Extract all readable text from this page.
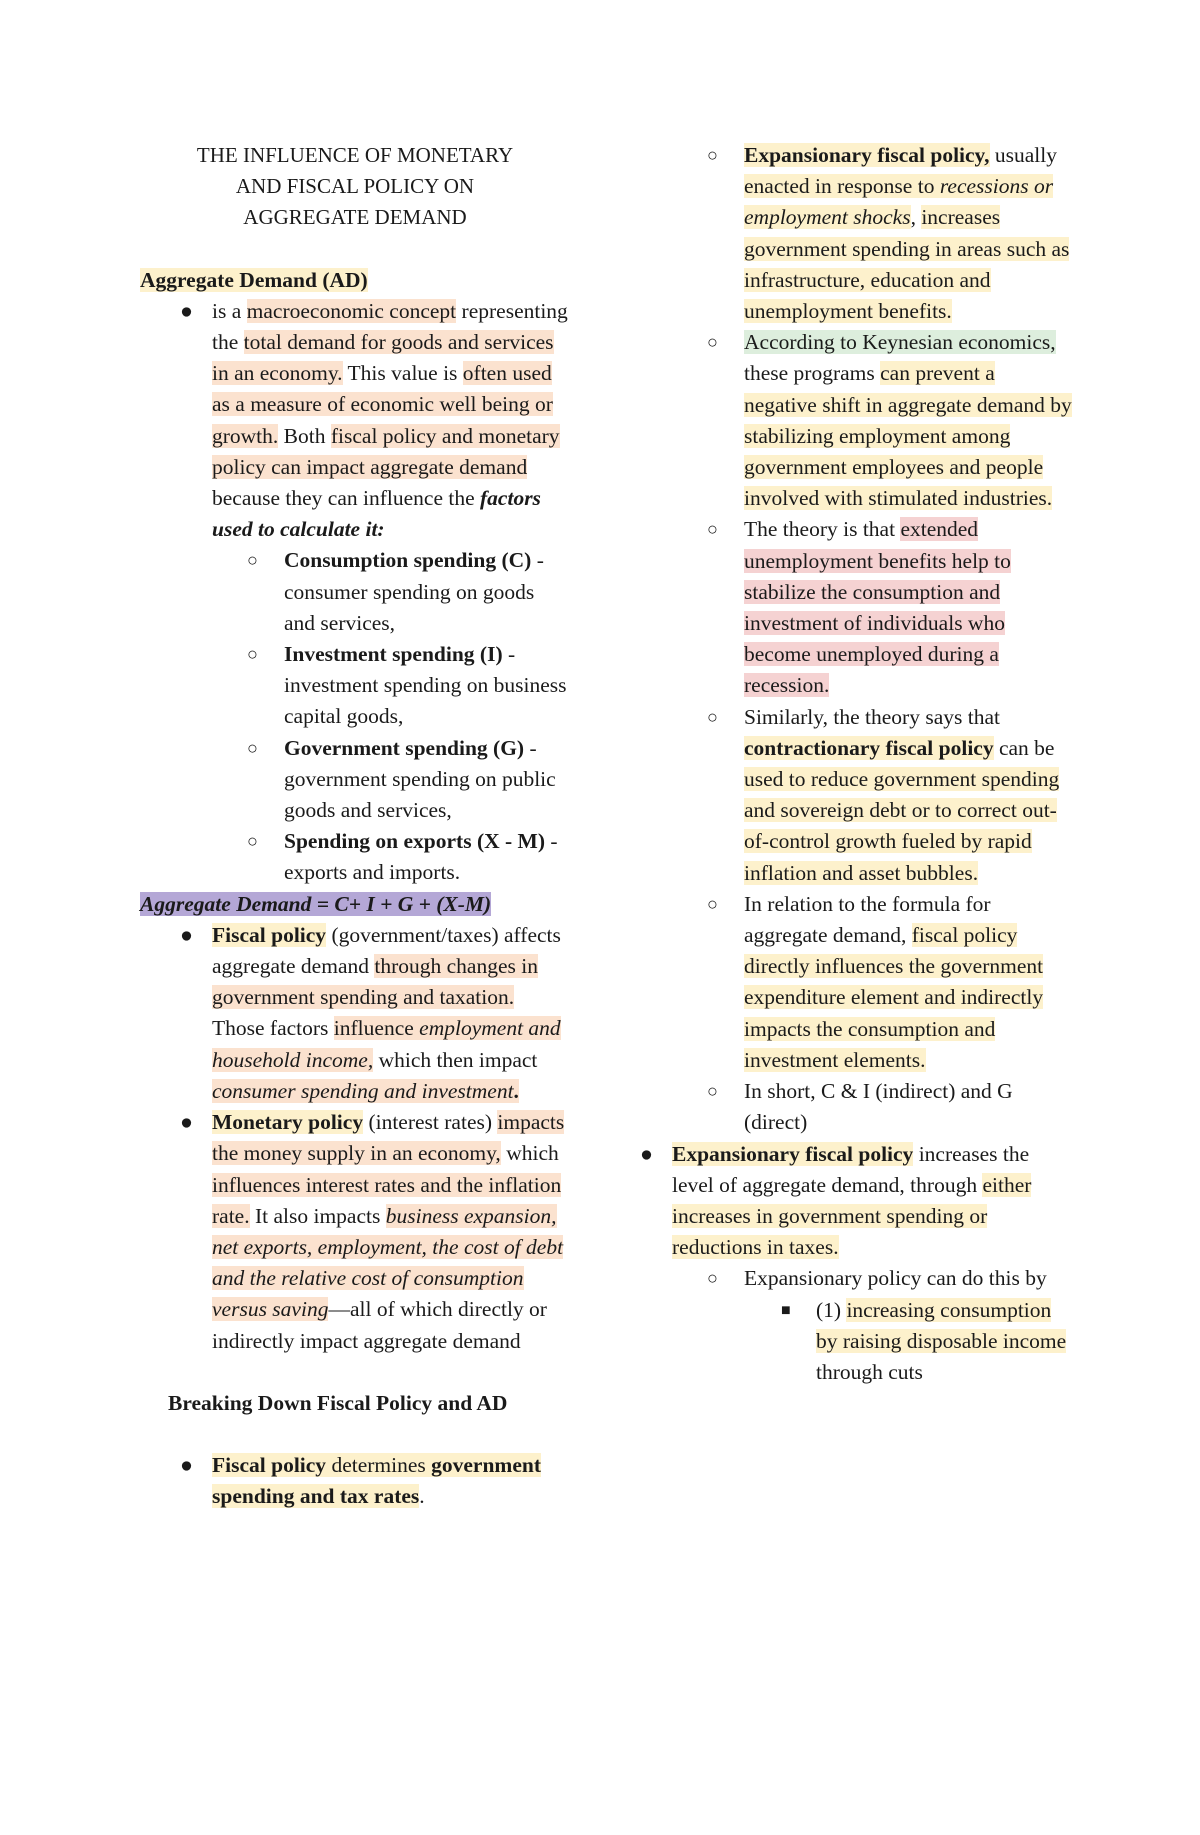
THE INFLUENCE OF MONETARY
AND FISCAL POLICY ON
AGGREGATE DEMAND
Aggregate Demand (AD)
● is a macroeconomic concept representing the total demand for goods and services in an economy. This value is often used as a measure of economic well being or growth. Both fiscal policy and monetary policy can impact aggregate demand because they can influence the factors used to calculate it:
○ Consumption spending (C) - consumer spending on goods and services,
○ Investment spending (I) - investment spending on business capital goods,
○ Government spending (G) - government spending on public goods and services,
○ Spending on exports (X - M) - exports and imports.
Aggregate Demand = C+ I + G + (X-M)
● Fiscal policy (government/taxes) affects aggregate demand through changes in government spending and taxation. Those factors influence employment and household income, which then impact consumer spending and investment.
● Monetary policy (interest rates) impacts the money supply in an economy, which influences interest rates and the inflation rate. It also impacts business expansion, net exports, employment, the cost of debt and the relative cost of consumption versus saving—all of which directly or indirectly impact aggregate demand
Breaking Down Fiscal Policy and AD
● Fiscal policy determines government spending and tax rates.
○ Expansionary fiscal policy, usually enacted in response to recessions or employment shocks, increases government spending in areas such as infrastructure, education and unemployment benefits.
○ According to Keynesian economics, these programs can prevent a negative shift in aggregate demand by stabilizing employment among government employees and people involved with stimulated industries.
○ The theory is that extended unemployment benefits help to stabilize the consumption and investment of individuals who become unemployed during a recession.
○ Similarly, the theory says that contractionary fiscal policy can be used to reduce government spending and sovereign debt or to correct out-of-control growth fueled by rapid inflation and asset bubbles.
○ In relation to the formula for aggregate demand, fiscal policy directly influences the government expenditure element and indirectly impacts the consumption and investment elements.
○ In short, C & I (indirect) and G (direct)
● Expansionary fiscal policy increases the level of aggregate demand, through either increases in government spending or reductions in taxes.
○ Expansionary policy can do this by
■ (1) increasing consumption by raising disposable income through cuts
